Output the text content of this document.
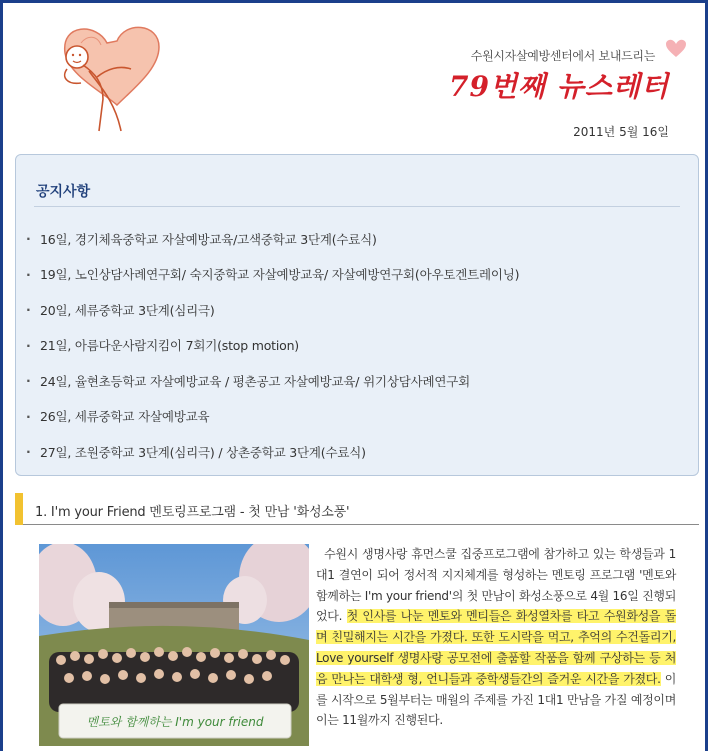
수원시자살예방센터에서 보내드리는
79번째 뉴스레터
2011년 5월 16일
공지사항
· 16일, 경기체육중학교 자살예방교육/고색중학교 3단계(수료식)
· 19일, 노인상담사례연구회/ 숙지중학교 자살예방교육/ 자살예방연구회(아우토겐트레이닝)
· 20일, 세류중학교 3단계(심리극)
· 21일, 아름다운사람지킴이 7회기(stop motion)
· 24일, 율현초등학교 자살예방교육 / 평촌공고 자살예방교육/ 위기상담사례연구회
· 26일, 세류중학교 자살예방교육
· 27일, 조원중학교 3단계(심리극) / 상촌중학교 3단계(수료식)
1. I'm your Friend 멘토링프로그램 - 첫 만남 '화성소풍'
멘토와 함께하는 I'm your friend
수원시 생명사랑 휴먼스쿨 집중프로그램에 참가하고 있는 학생들과 1대1 결연이 되어 정서적 지지체계를 형성하는 멘토링 프로그램 '멘토와 함께하는 I'm your friend'의 첫 만남이 화성소풍으로 4월 16일 진행되었다. 첫 인사를 나눈 멘토와 멘티들은 화성열차를 타고 수원화성을 돌며 친밀해지는 시간을 가졌다. 또한 도시락을 먹고, 추억의 수건돌리기, Love yourself 생명사랑 공모전에 출품할 작품을 함께 구상하는 등 처음 만나는 대학생 형, 언니들과 중학생들간의 즐거운 시간을 가졌다. 이를 시작으로 5월부터는 매월의 주제를 가진 1대1 만남을 가질 예정이며 이는 11월까지 진행된다.
